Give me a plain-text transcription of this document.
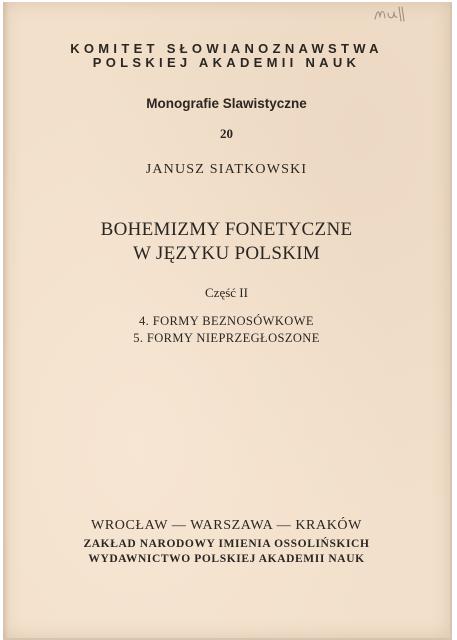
KOMITET SŁOWIANOZNAWSTWA
POLSKIEJ AKADEMII NAUK
Monografie Slawistyczne
20
JANUSZ SIATKOWSKI
BOHEMIZMY FONETYCZNE
W JĘZYKU POLSKIM
Część II
4. FORMY BEZNOSÓWKOWE
5. FORMY NIEPRZEGŁOSZONE
WROCŁAW — WARSZAWA — KRAKÓW
ZAKŁAD NARODOWY IMIENIA OSSOLIŃSKICH
WYDAWNICTWO POLSKIEJ AKADEMII NAUK
